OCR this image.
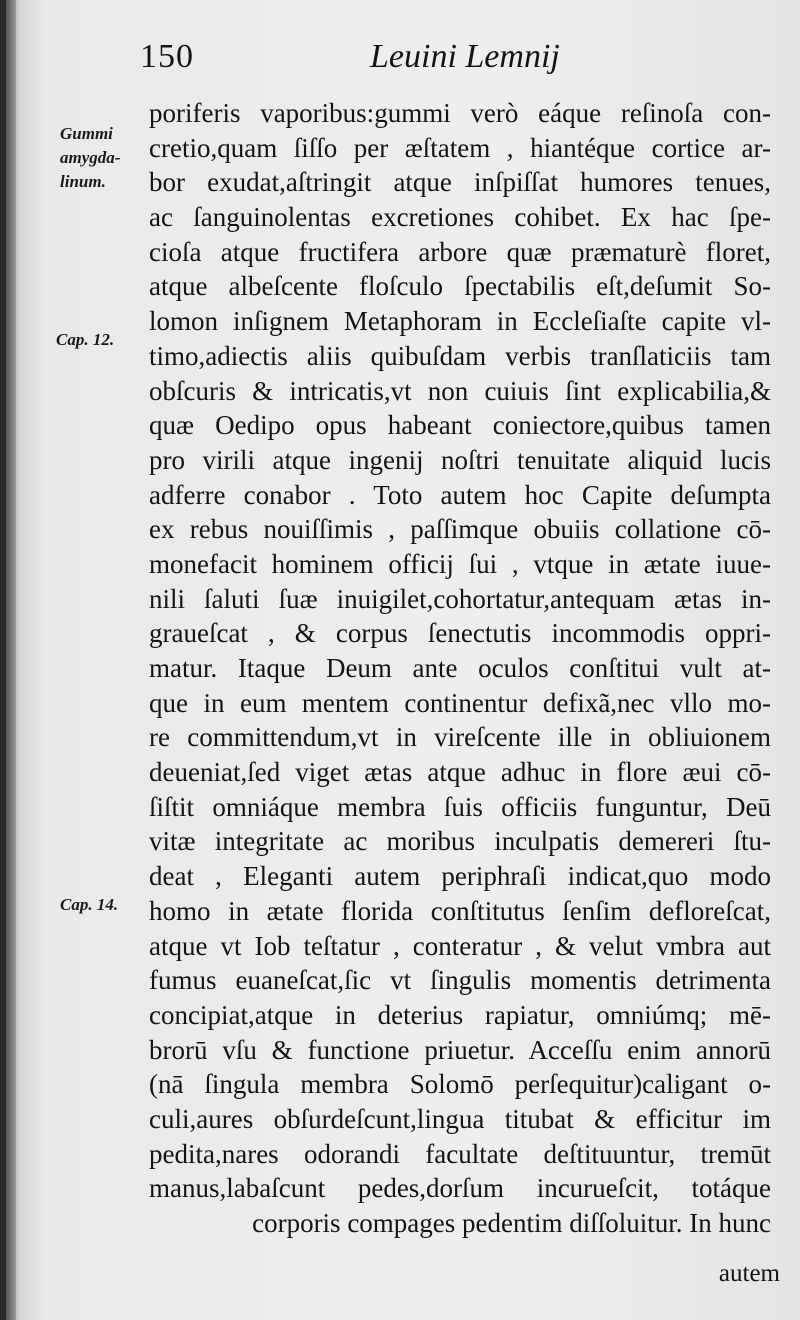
150	Leuini Lemnij
Gummi
amygda-
linum.
Cap. 12.
Cap. 14.
poriferis vaporibus:gummi verò eáque reſinoſa con-
cretio,quam ſiſſo per æſtatem , hiantéque cortice ar-
bor exudat,aſtringit atque inſpiſſat humores tenues,
ac ſanguinolentas excretiones cohibet. Ex hac ſpe-
cioſa atque fructifera arbore quæ præmaturè floret,
atque albeſcente floſculo ſpectabilis eſt,deſumit So-
lomon inſignem Metaphoram in Eccleſiaſte capite vl-
timo,adiectis aliis quibuſdam verbis tranſlaticiis tam
obſcuris & intricatis,vt non cuiuis ſint explicabilia,&
quæ Oedipo opus habeant coniectore,quibus tamen
pro virili atque ingenij noſtri tenuitate aliquid lucis
adferre conabor . Toto autem hoc Capite deſumpta
ex rebus nouiſſimis , paſſimque obuiis collatione cō-
monefacit hominem officij ſui , vtque in ætate iuue-
nili ſaluti ſuæ inuigilet,cohortatur,antequam ætas in-
graueſcat , & corpus ſenectutis incommodis oppri-
matur. Itaque Deum ante oculos conſtitui vult at-
que in eum mentem continentur defixã,nec vllo mo-
re committendum,vt in vireſcente ille in obliuionem
deueniat,ſed viget ætas atque adhuc in flore æui cō-
ſiſtit omniáque membra ſuis officiis funguntur, Deū
vitæ integritate ac moribus inculpatis demereri ſtu-
deat , Eleganti autem periphraſi indicat,quo modo
homo in ætate florida conſtitutus ſenſim defloreſcat,
atque vt Iob teſtatur , conteratur , & velut vmbra aut
fumus euaneſcat,ſic vt ſingulis momentis detrimenta
concipiat,atque in deterius rapiatur, omniúmq; mē-
brorū vſu & functione priuetur. Acceſſu enim annorū
(nā ſingula membra Solomō perſequitur)caligant o-
culi,aures obſurdeſcunt,lingua titubat & efficitur im
pedita,nares odorandi facultate deſtituuntur, tremūt
manus,labaſcunt pedes,dorſum incurueſcit, totáque
corporis compages pedentim diſſoluitur. In hunc
autem
